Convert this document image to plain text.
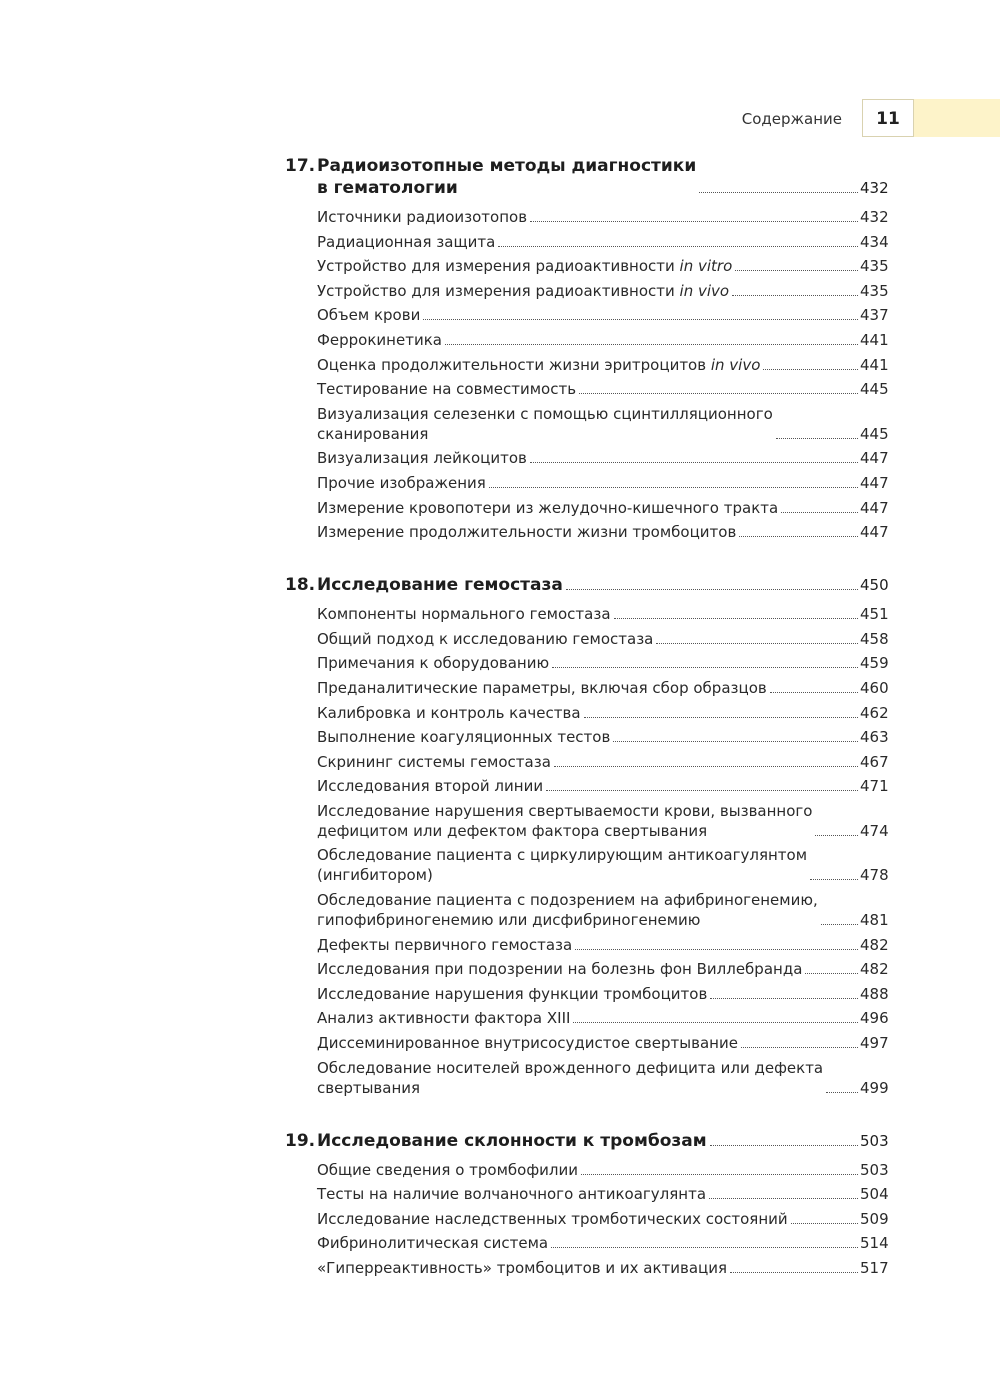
Содержание	11
17. Радиоизотопные методы диагностики
в гематологии	432
Источники радиоизотопов	432
Радиационная защита	434
Устройство для измерения радиоактивности in vitro	435
Устройство для измерения радиоактивности in vivo	435
Объем крови	437
Феррокинетика	441
Оценка продолжительности жизни эритроцитов in vivo	441
Тестирование на совместимость	445
Визуализация селезенки с помощью сцинтилляционного
сканирования	445
Визуализация лейкоцитов	447
Прочие изображения	447
Измерение кровопотери из желудочно-кишечного тракта	447
Измерение продолжительности жизни тромбоцитов	447
18. Исследование гемостаза	450
Компоненты нормального гемостаза	451
Общий подход к исследованию гемостаза	458
Примечания к оборудованию	459
Преданалитические параметры, включая сбор образцов	460
Калибровка и контроль качества	462
Выполнение коагуляционных тестов	463
Скрининг системы гемостаза	467
Исследования второй линии	471
Исследование нарушения свертываемости крови, вызванного
дефицитом или дефектом фактора свертывания	474
Обследование пациента с циркулирующим антикоагулянтом
(ингибитором)	478
Обследование пациента с подозрением на афибриногенемию,
гипофибриногенемию или дисфибриногенемию	481
Дефекты первичного гемостаза	482
Исследования при подозрении на болезнь фон Виллебранда	482
Исследование нарушения функции тромбоцитов	488
Анализ активности фактора XIII	496
Диссеминированное внутрисосудистое свертывание	497
Обследование носителей врожденного дефицита или дефекта
свертывания	499
19. Исследование склонности к тромбозам	503
Общие сведения о тромбофилии	503
Тесты на наличие волчаночного антикоагулянта	504
Исследование наследственных тромботических состояний	509
Фибринолитическая система	514
«Гиперреактивность» тромбоцитов и их активация	517
